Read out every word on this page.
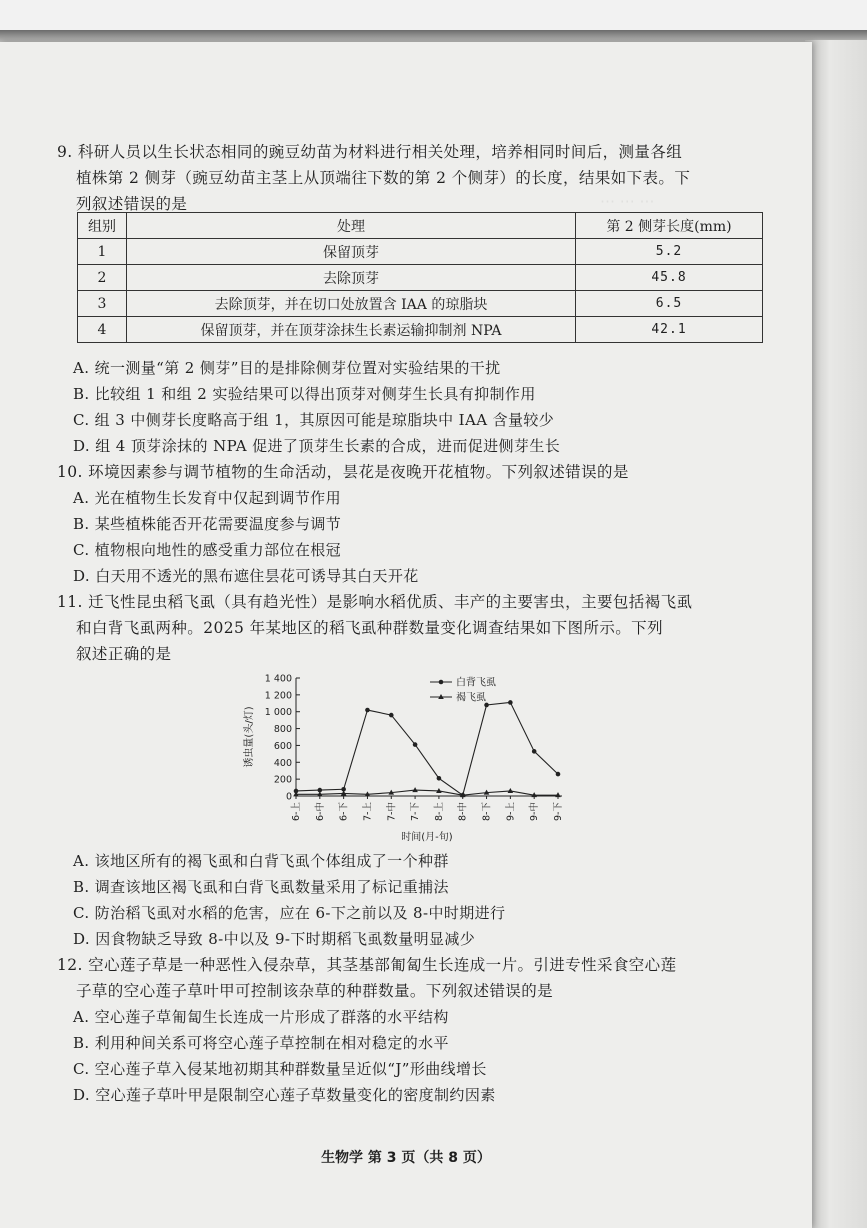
⋯ ⋯ ⋯
9. 科研人员以生长状态相同的豌豆幼苗为材料进行相关处理，培养相同时间后，测量各组
植株第 2 侧芽（豌豆幼苗主茎上从顶端往下数的第 2 个侧芽）的长度，结果如下表。下
列叙述错误的是
组别	处理	第 2 侧芽长度(mm)
1	保留顶芽	5.2
2	去除顶芽	45.8
3	去除顶芽，并在切口处放置含 IAA 的琼脂块	6.5
4	保留顶芽，并在顶芽涂抹生长素运输抑制剂 NPA	42.1
A. 统一测量“第 2 侧芽”目的是排除侧芽位置对实验结果的干扰
B. 比较组 1 和组 2 实验结果可以得出顶芽对侧芽生长具有抑制作用
C. 组 3 中侧芽长度略高于组 1，其原因可能是琼脂块中 IAA 含量较少
D. 组 4 顶芽涂抹的 NPA 促进了顶芽生长素的合成，进而促进侧芽生长
10. 环境因素参与调节植物的生命活动，昙花是夜晚开花植物。下列叙述错误的是
A. 光在植物生长发育中仅起到调节作用
B. 某些植株能否开花需要温度参与调节
C. 植物根向地性的感受重力部位在根冠
D. 白天用不透光的黑布遮住昙花可诱导其白天开花
11. 迁飞性昆虫稻飞虱（具有趋光性）是影响水稻优质、丰产的主要害虫，主要包括褐飞虱
和白背飞虱两种。2025 年某地区的稻飞虱种群数量变化调查结果如下图所示。下列
叙述正确的是
0
200
400
600
800
1 000
1 200
1 400
6-上 6-中 6-下 7-上 7-中 7-下 8-上 8-中 8-下 9-上 9-中 9-下
时间(月-旬)
诱虫量(头/灯)
白背飞虱
褐飞虱
A. 该地区所有的褐飞虱和白背飞虱个体组成了一个种群
B. 调查该地区褐飞虱和白背飞虱数量采用了标记重捕法
C. 防治稻飞虱对水稻的危害，应在 6-下之前以及 8-中时期进行
D. 因食物缺乏导致 8-中以及 9-下时期稻飞虱数量明显减少
12. 空心莲子草是一种恶性入侵杂草，其茎基部匍匐生长连成一片。引进专性采食空心莲
子草的空心莲子草叶甲可控制该杂草的种群数量。下列叙述错误的是
A. 空心莲子草匍匐生长连成一片形成了群落的水平结构
B. 利用种间关系可将空心莲子草控制在相对稳定的水平
C. 空心莲子草入侵某地初期其种群数量呈近似“J”形曲线增长
D. 空心莲子草叶甲是限制空心莲子草数量变化的密度制约因素
生物学 第 3 页（共 8 页）
